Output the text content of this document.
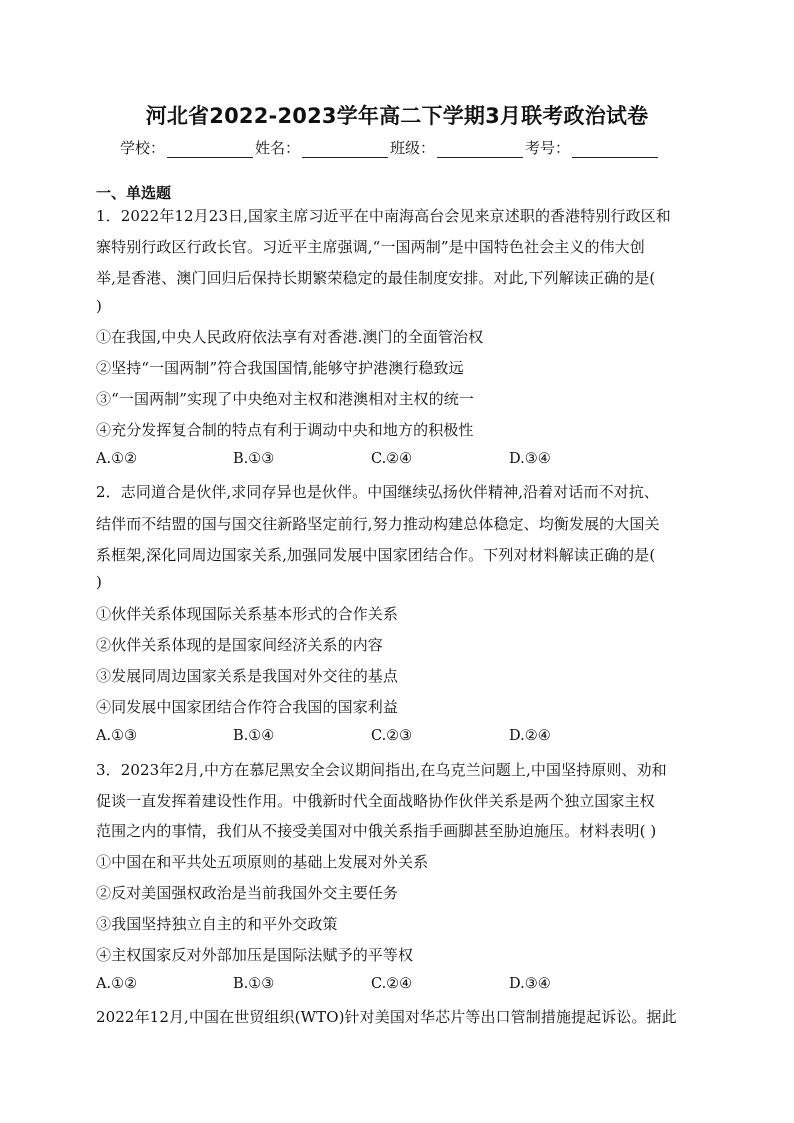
河北省2022-2023学年高二下学期3月联考政治试卷
学校：	姓名：	班级：	考号：
一、单选题
1．2022年12月23日,国家主席习近平在中南海高台会见来京述职的香港特别行政区和
寨特别行政区行政长官。习近平主席强调,“一国两制”是中国特色社会主义的伟大创
举,是香港、澳门回归后保持长期繁荣稳定的最佳制度安排。对此,下列解读正确的是(
)
①在我国,中央人民政府依法享有对香港.澳门的全面管治权
②坚持“一国两制”符合我国国情,能够守护港澳行稳致远
③“一国两制”实现了中央绝对主权和港澳相对主权的统一
④充分发挥复合制的特点有利于调动中央和地方的积极性
A.①②	B.①③	C.②④	D.③④
2．志同道合是伙伴,求同存异也是伙伴。中国继续弘扬伙伴精神,沿着对话而不对抗、
结伴而不结盟的国与国交往新路坚定前行,努力推动构建总体稳定、均衡发展的大国关
系框架,深化同周边国家关系,加强同发展中国家团结合作。下列对材料解读正确的是(
)
①伙伴关系体现国际关系基本形式的合作关系
②伙伴关系体现的是国家间经济关系的内容
③发展同周边国家关系是我国对外交往的基点
④同发展中国家团结合作符合我国的国家利益
A.①③	B.①④	C.②③	D.②④
3．2023年2月,中方在慕尼黑安全会议期间指出,在乌克兰问题上,中国坚持原则、劝和
促谈一直发挥着建设性作用。中俄新时代全面战略协作伙伴关系是两个独立国家主权
范围之内的事情，我们从不接受美国对中俄关系指手画脚甚至胁迫施压。材料表明( )
①中国在和平共处五项原则的基础上发展对外关系
②反对美国强权政治是当前我国外交主要任务
③我国坚持独立自主的和平外交政策
④主权国家反对外部加压是国际法赋予的平等权
A.①②	B.①③	C.②④	D.③④
2022年12月,中国在世贸组织(WTO)针对美国对华芯片等出口管制措施提起诉讼。据此
